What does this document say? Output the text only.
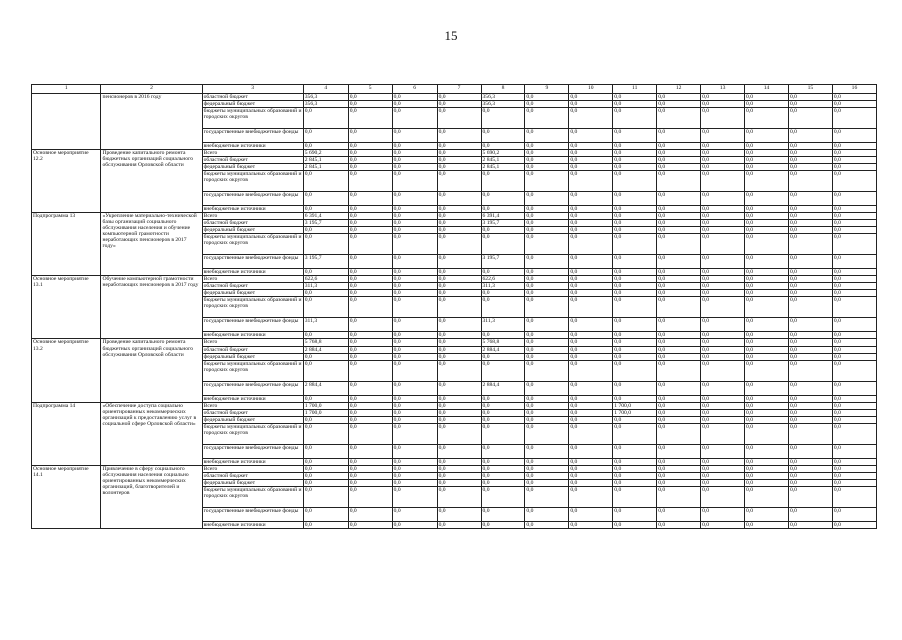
15
1	2	3	4	5	6	7	8	9	10	11	12	13	14	15	16
	пенсионеров в 2016 году	областной бюджет	356,3	0,0	0,0	0,0	356,3	0,0	0,0	0,0	0,0	0,0	0,0	0,0	0,0
		федеральный бюджет	356,3	0,0	0,0	0,0	356,3	0,0	0,0	0,0	0,0	0,0	0,0	0,0	0,0
		бюджеты муниципальных образований и городских округов	0,0	0,0	0,0	0,0	0,0	0,0	0,0	0,0	0,0	0,0	0,0	0,0	0,0
		государственные внебюджетные фонды	0,0	0,0	0,0	0,0	0,0	0,0	0,0	0,0	0,0	0,0	0,0	0,0	0,0
		внебюджетные источники	0,0	0,0	0,0	0,0	0,0	0,0	0,0	0,0	0,0	0,0	0,0	0,0	0,0
Основное мероприятие 12.2	Проведение капитального ремонта бюджетных организаций социального обслуживания Орловской области	Всего	5 690,2	0,0	0,0	0,0	5 690,2	0,0	0,0	0,0	0,0	0,0	0,0	0,0	0,0
		областной бюджет	2 845,1	0,0	0,0	0,0	2 845,1	0,0	0,0	0,0	0,0	0,0	0,0	0,0	0,0
		федеральный бюджет	2 845,1	0,0	0,0	0,0	2 845,1	0,0	0,0	0,0	0,0	0,0	0,0	0,0	0,0
		бюджеты муниципальных образований и городских округов	0,0	0,0	0,0	0,0	0,0	0,0	0,0	0,0	0,0	0,0	0,0	0,0	0,0
		государственные внебюджетные фонды	0,0	0,0	0,0	0,0	0,0	0,0	0,0	0,0	0,0	0,0	0,0	0,0	0,0
		внебюджетные источники	0,0	0,0	0,0	0,0	0,0	0,0	0,0	0,0	0,0	0,0	0,0	0,0	0,0
Подпрограмма 13	«Укрепление материально-технической базы организаций социального обслуживания населения и обучение компьютерной грамотности неработающих пенсионеров в 2017 году»	Всего	6 391,4	0,0	0,0	0,0	6 391,4	0,0	0,0	0,0	0,0	0,0	0,0	0,0	0,0
		областной бюджет	3 195,7	0,0	0,0	0,0	3 195,7	0,0	0,0	0,0	0,0	0,0	0,0	0,0	0,0
		федеральный бюджет	0,0	0,0	0,0	0,0	0,0	0,0	0,0	0,0	0,0	0,0	0,0	0,0	0,0
		бюджеты муниципальных образований и городских округов	0,0	0,0	0,0	0,0	0,0	0,0	0,0	0,0	0,0	0,0	0,0	0,0	0,0
		государственные внебюджетные фонды	3 195,7	0,0	0,0	0,0	3 195,7	0,0	0,0	0,0	0,0	0,0	0,0	0,0	0,0
		внебюджетные источники	0,0	0,0	0,0	0,0	0,0	0,0	0,0	0,0	0,0	0,0	0,0	0,0	0,0
Основное мероприятие 13.1	Обучение компьютерной грамотности неработающих пенсионеров в 2017 году	Всего	622,6	0,0	0,0	0,0	622,6	0,0	0,0	0,0	0,0	0,0	0,0	0,0	0,0
		областной бюджет	311,3	0,0	0,0	0,0	311,3	0,0	0,0	0,0	0,0	0,0	0,0	0,0	0,0
		федеральный бюджет	0,0	0,0	0,0	0,0	0,0	0,0	0,0	0,0	0,0	0,0	0,0	0,0	0,0
		бюджеты муниципальных образований и городских округов	0,0	0,0	0,0	0,0	0,0	0,0	0,0	0,0	0,0	0,0	0,0	0,0	0,0
		государственные внебюджетные фонды	311,3	0,0	0,0	0,0	311,3	0,0	0,0	0,0	0,0	0,0	0,0	0,0	0,0
		внебюджетные источники	0,0	0,0	0,0	0,0	0,0	0,0	0,0	0,0	0,0	0,0	0,0	0,0	0,0
Основное мероприятие 13.2	Проведение капитального ремонта бюджетных организаций социального обслуживания Орловской области	Всего	5 768,8	0,0	0,0	0,0	5 768,8	0,0	0,0	0,0	0,0	0,0	0,0	0,0	0,0
		областной бюджет	2 884,4	0,0	0,0	0,0	2 884,4	0,0	0,0	0,0	0,0	0,0	0,0	0,0	0,0
		федеральный бюджет	0,0	0,0	0,0	0,0	0,0	0,0	0,0	0,0	0,0	0,0	0,0	0,0	0,0
		бюджеты муниципальных образований и городских округов	0,0	0,0	0,0	0,0	0,0	0,0	0,0	0,0	0,0	0,0	0,0	0,0	0,0
		государственные внебюджетные фонды	2 884,4	0,0	0,0	0,0	2 884,4	0,0	0,0	0,0	0,0	0,0	0,0	0,0	0,0
		внебюджетные источники	0,0	0,0	0,0	0,0	0,0	0,0	0,0	0,0	0,0	0,0	0,0	0,0	0,0
Подпрограмма 14	«Обеспечение доступа социально ориентированных некоммерческих организаций к предоставлению услуг в социальной сфере Орловской области»	Всего	1 700,0	0,0	0,0	0,0	0,0	0,0	0,0	1 700,0	0,0	0,0	0,0	0,0	0,0
		областной бюджет	1 700,0	0,0	0,0	0,0	0,0	0,0	0,0	1 700,0	0,0	0,0	0,0	0,0	0,0
		федеральный бюджет	0,0	0,0	0,0	0,0	0,0	0,0	0,0	0,0	0,0	0,0	0,0	0,0	0,0
		бюджеты муниципальных образований и городских округов	0,0	0,0	0,0	0,0	0,0	0,0	0,0	0,0	0,0	0,0	0,0	0,0	0,0
		государственные внебюджетные фонды	0,0	0,0	0,0	0,0	0,0	0,0	0,0	0,0	0,0	0,0	0,0	0,0	0,0
		внебюджетные источники	0,0	0,0	0,0	0,0	0,0	0,0	0,0	0,0	0,0	0,0	0,0	0,0	0,0
Основное мероприятие 14.1	Привлечение в сферу социального обслуживания населения социально ориентированных некоммерческих организаций, благотворителей и волонтеров	Всего	0,0	0,0	0,0	0,0	0,0	0,0	0,0	0,0	0,0	0,0	0,0	0,0	0,0
		областной бюджет	0,0	0,0	0,0	0,0	0,0	0,0	0,0	0,0	0,0	0,0	0,0	0,0	0,0
		федеральный бюджет	0,0	0,0	0,0	0,0	0,0	0,0	0,0	0,0	0,0	0,0	0,0	0,0	0,0
		бюджеты муниципальных образований и городских округов	0,0	0,0	0,0	0,0	0,0	0,0	0,0	0,0	0,0	0,0	0,0	0,0	0,0
		государственные внебюджетные фонды	0,0	0,0	0,0	0,0	0,0	0,0	0,0	0,0	0,0	0,0	0,0	0,0	0,0
		внебюджетные источники	0,0	0,0	0,0	0,0	0,0	0,0	0,0	0,0	0,0	0,0	0,0	0,0	0,0
